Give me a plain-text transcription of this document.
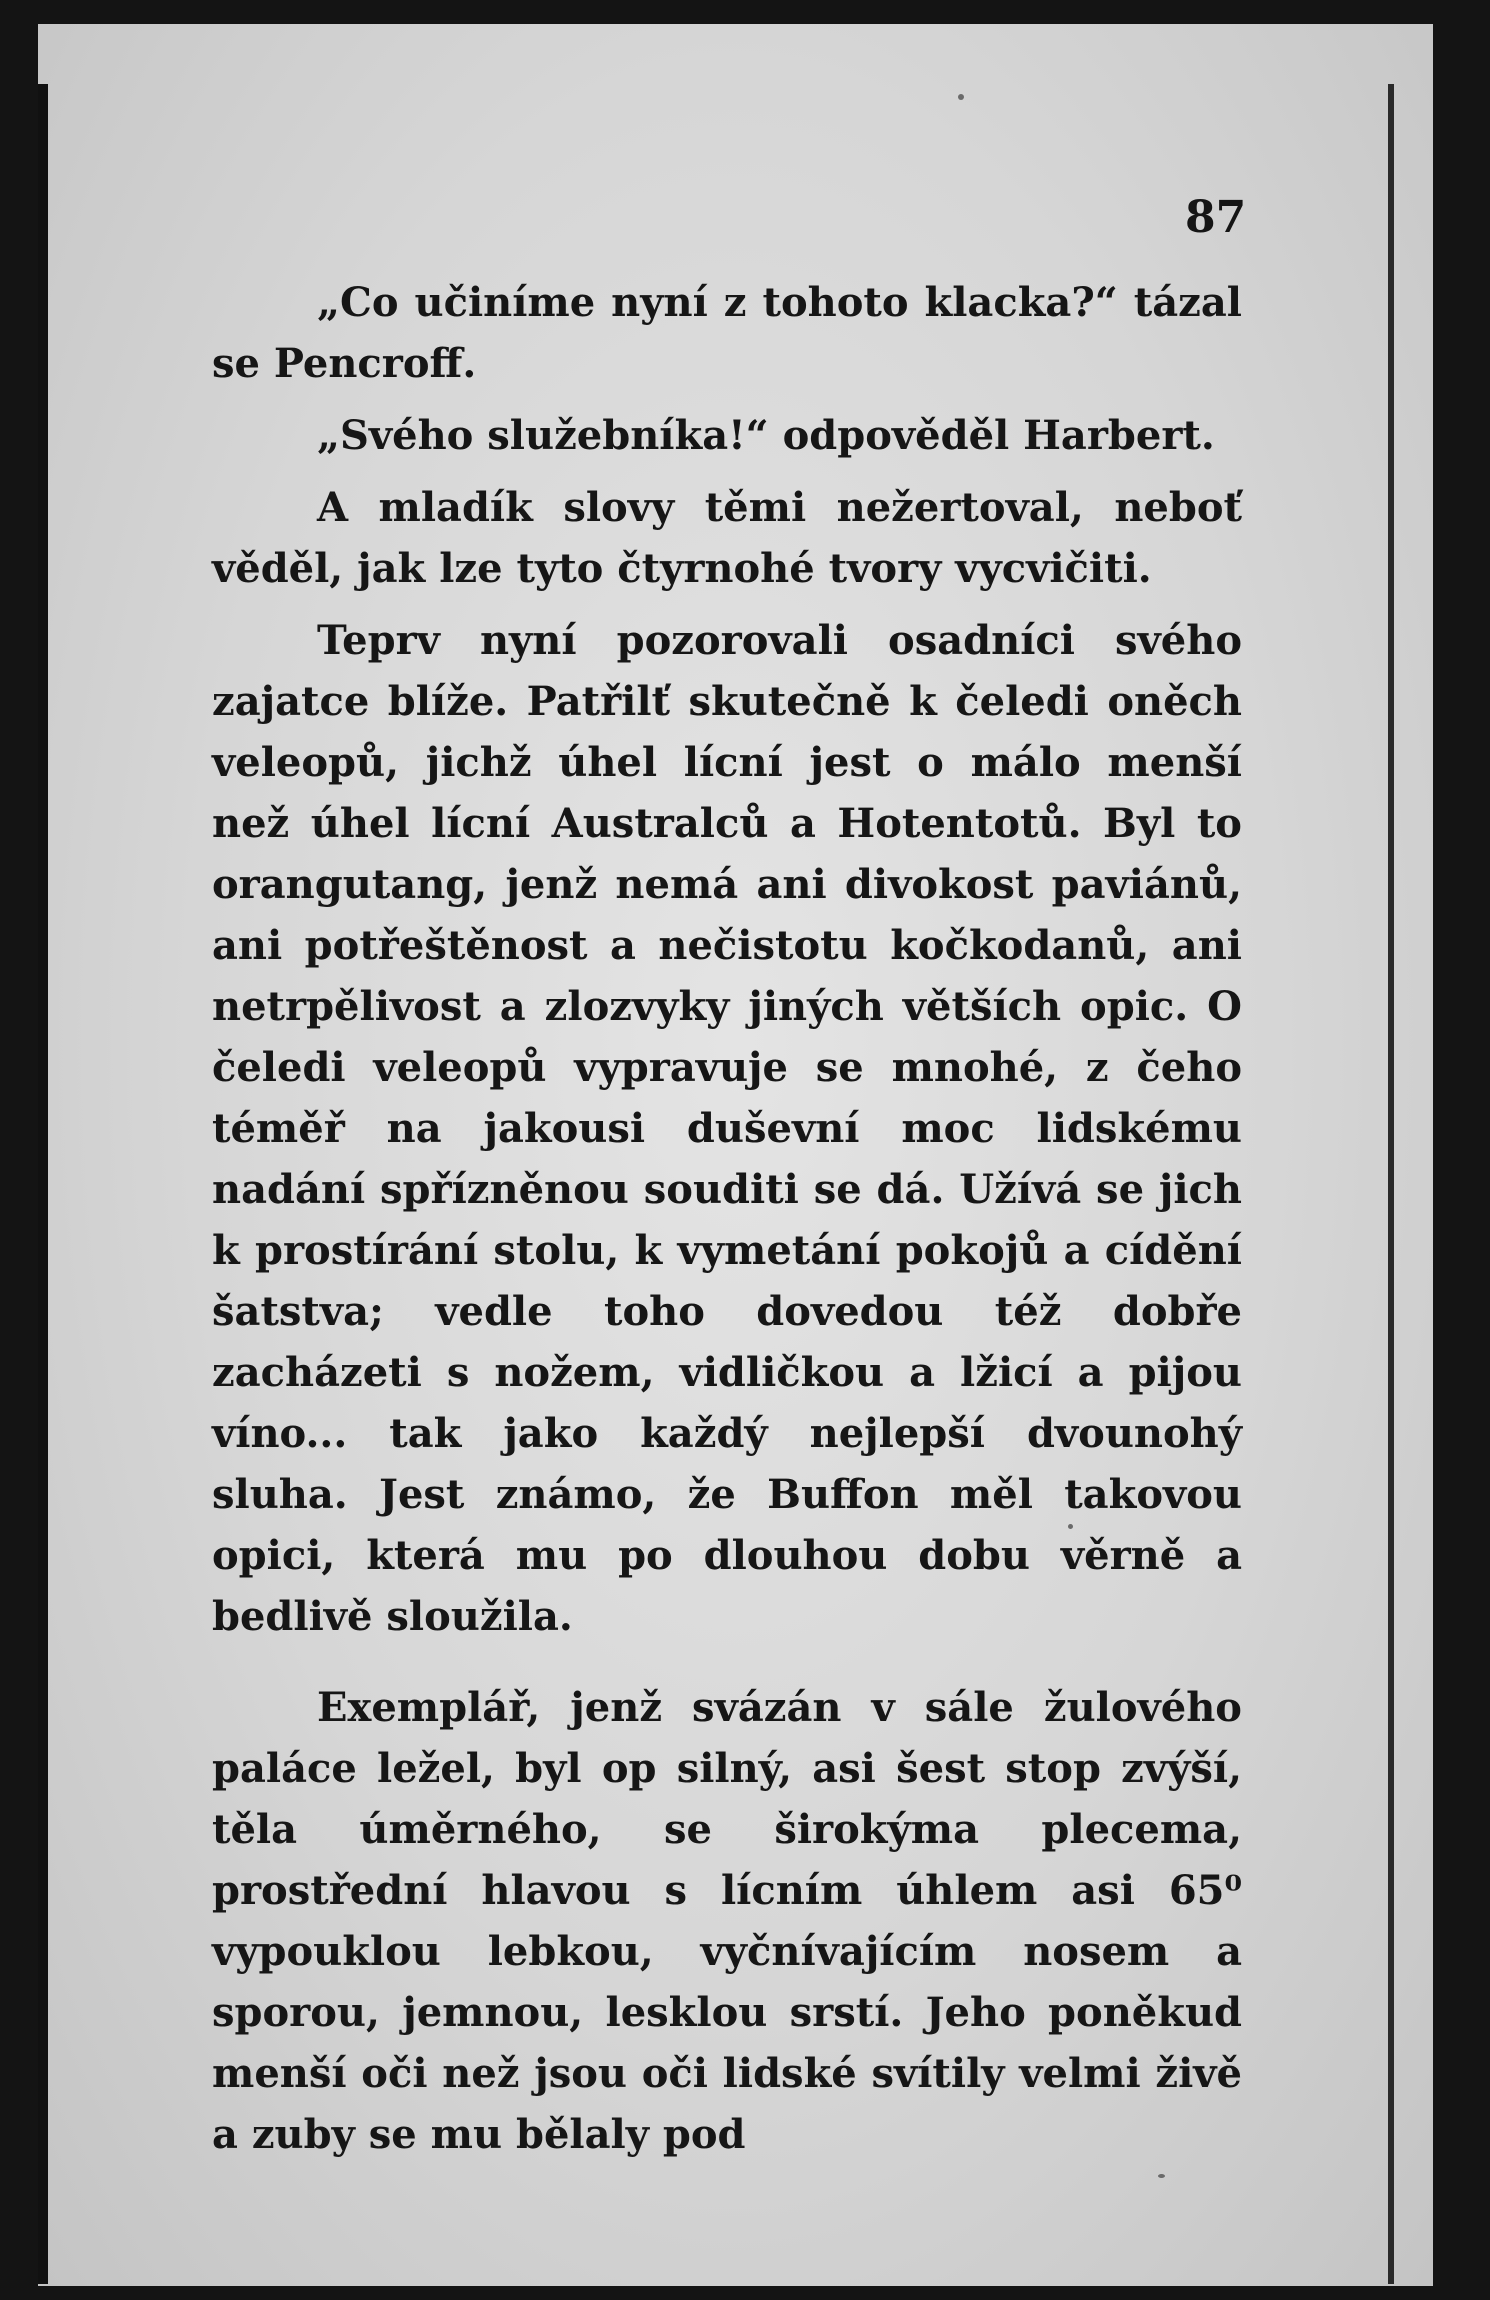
87

„Co učiníme nyní z tohoto klacka?“ tázal se Pencroff.

„Svého služebníka!“ odpověděl Harbert.

A mladík slovy těmi nežertoval, neboť věděl, jak lze tyto čtyrnohé tvory vycvičiti.

Teprv nyní pozorovali osadníci svého zajatce blíže. Patřilť skutečně k čeledi oněch veleopů, jichž úhel lícní jest o málo menší než úhel lícní Australců a Hotentotů. Byl to orangutang, jenž nemá ani divokost paviánů, ani potřeštěnost a nečistotu kočkodanů, ani netrpělivost a zlozvyky jiných větších opic. O čeledi veleopů vypravuje se mnohé, z čeho téměř na jakousi duševní moc lidskému nadání spřízněnou souditi se dá. Užívá se jich k prostírání stolu, k vymetání pokojů a cídění šatstva; vedle toho dovedou též dobře zacházeti s nožem, vidličkou a lžicí a pijou víno... tak jako každý nejlepší dvounohý sluha. Jest známo, že Buffon měl takovou opici, která mu po dlouhou dobu věrně a bedlivě sloužila.

Exemplář, jenž svázán v sále žulového paláce ležel, byl op silný, asi šest stop zvýší, těla úměrného, se širokýma plecema, prostřední hlavou s lícním úhlem asi 65⁰ vypouklou lebkou, vyčnívajícím nosem a sporou, jemnou, lesklou srstí. Jeho poněkud menší oči než jsou oči lidské svítily velmi živě a zuby se mu bělaly pod
